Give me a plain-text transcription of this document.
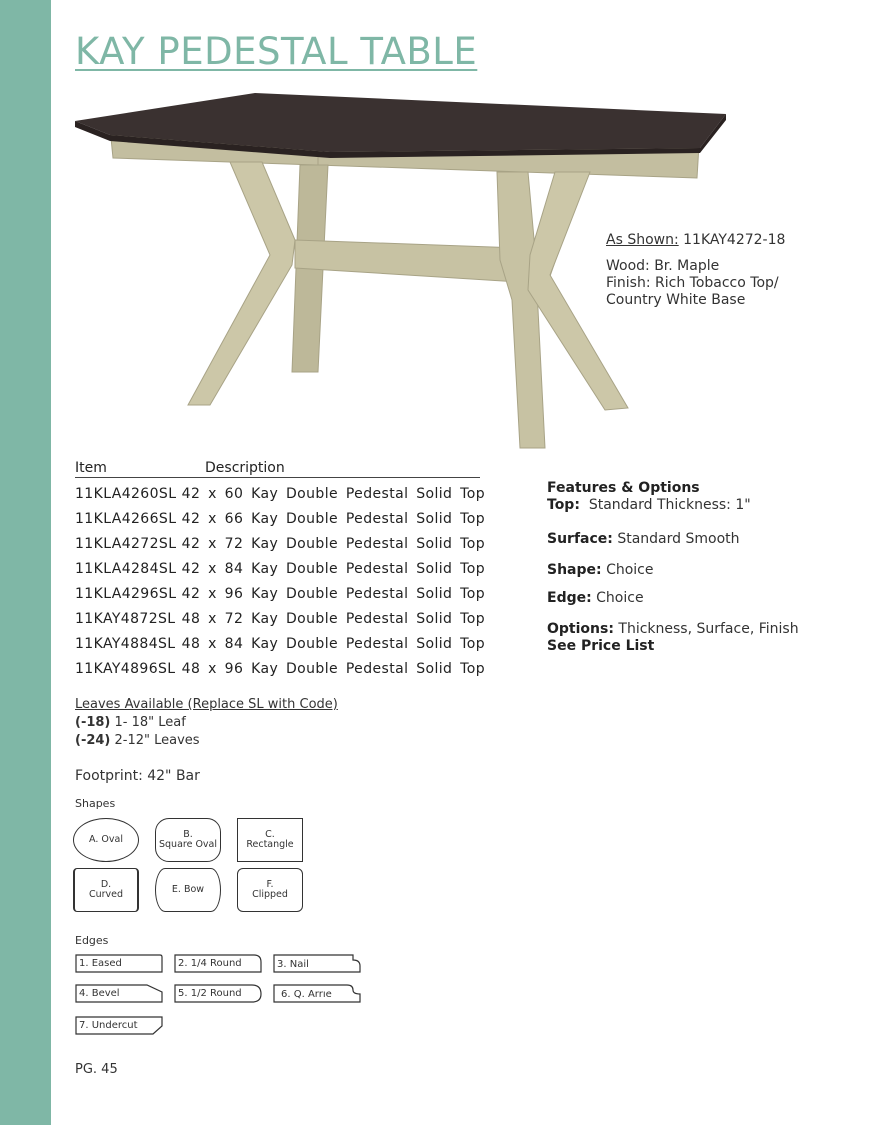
KAY PEDESTAL TABLE
As Shown: 11KAY4272-18
Wood: Br. Maple
Finish: Rich Tobacco Top/
Country White Base
Item	Description
11KLA4260SL 42 x 60 Kay Double Pedestal Solid Top
11KLA4266SL 42 x 66 Kay Double Pedestal Solid Top
11KLA4272SL 42 x 72 Kay Double Pedestal Solid Top
11KLA4284SL 42 x 84 Kay Double Pedestal Solid Top
11KLA4296SL 42 x 96 Kay Double Pedestal Solid Top
11KAY4872SL 48 x 72 Kay Double Pedestal Solid Top
11KAY4884SL 48 x 84 Kay Double Pedestal Solid Top
11KAY4896SL 48 x 96 Kay Double Pedestal Solid Top
Features & Options
Top: Standard Thickness: 1"
Surface: Standard Smooth
Shape: Choice
Edge: Choice
Options: Thickness, Surface, Finish
See Price List
Leaves Available (Replace SL with Code)
(-18) 1- 18" Leaf
(-24) 2-12" Leaves
Footprint: 42" Bar
Shapes
A. Oval	B.
Square Oval
C.
Rectangle
D.
Curved	E. Bow	F.
Clipped
Edges
1. Eased	2. 1/4 Round	3. Nail
4. Bevel	5. 1/2 Round	6. Q. Arrıe
7. Undercut
PG. 45
